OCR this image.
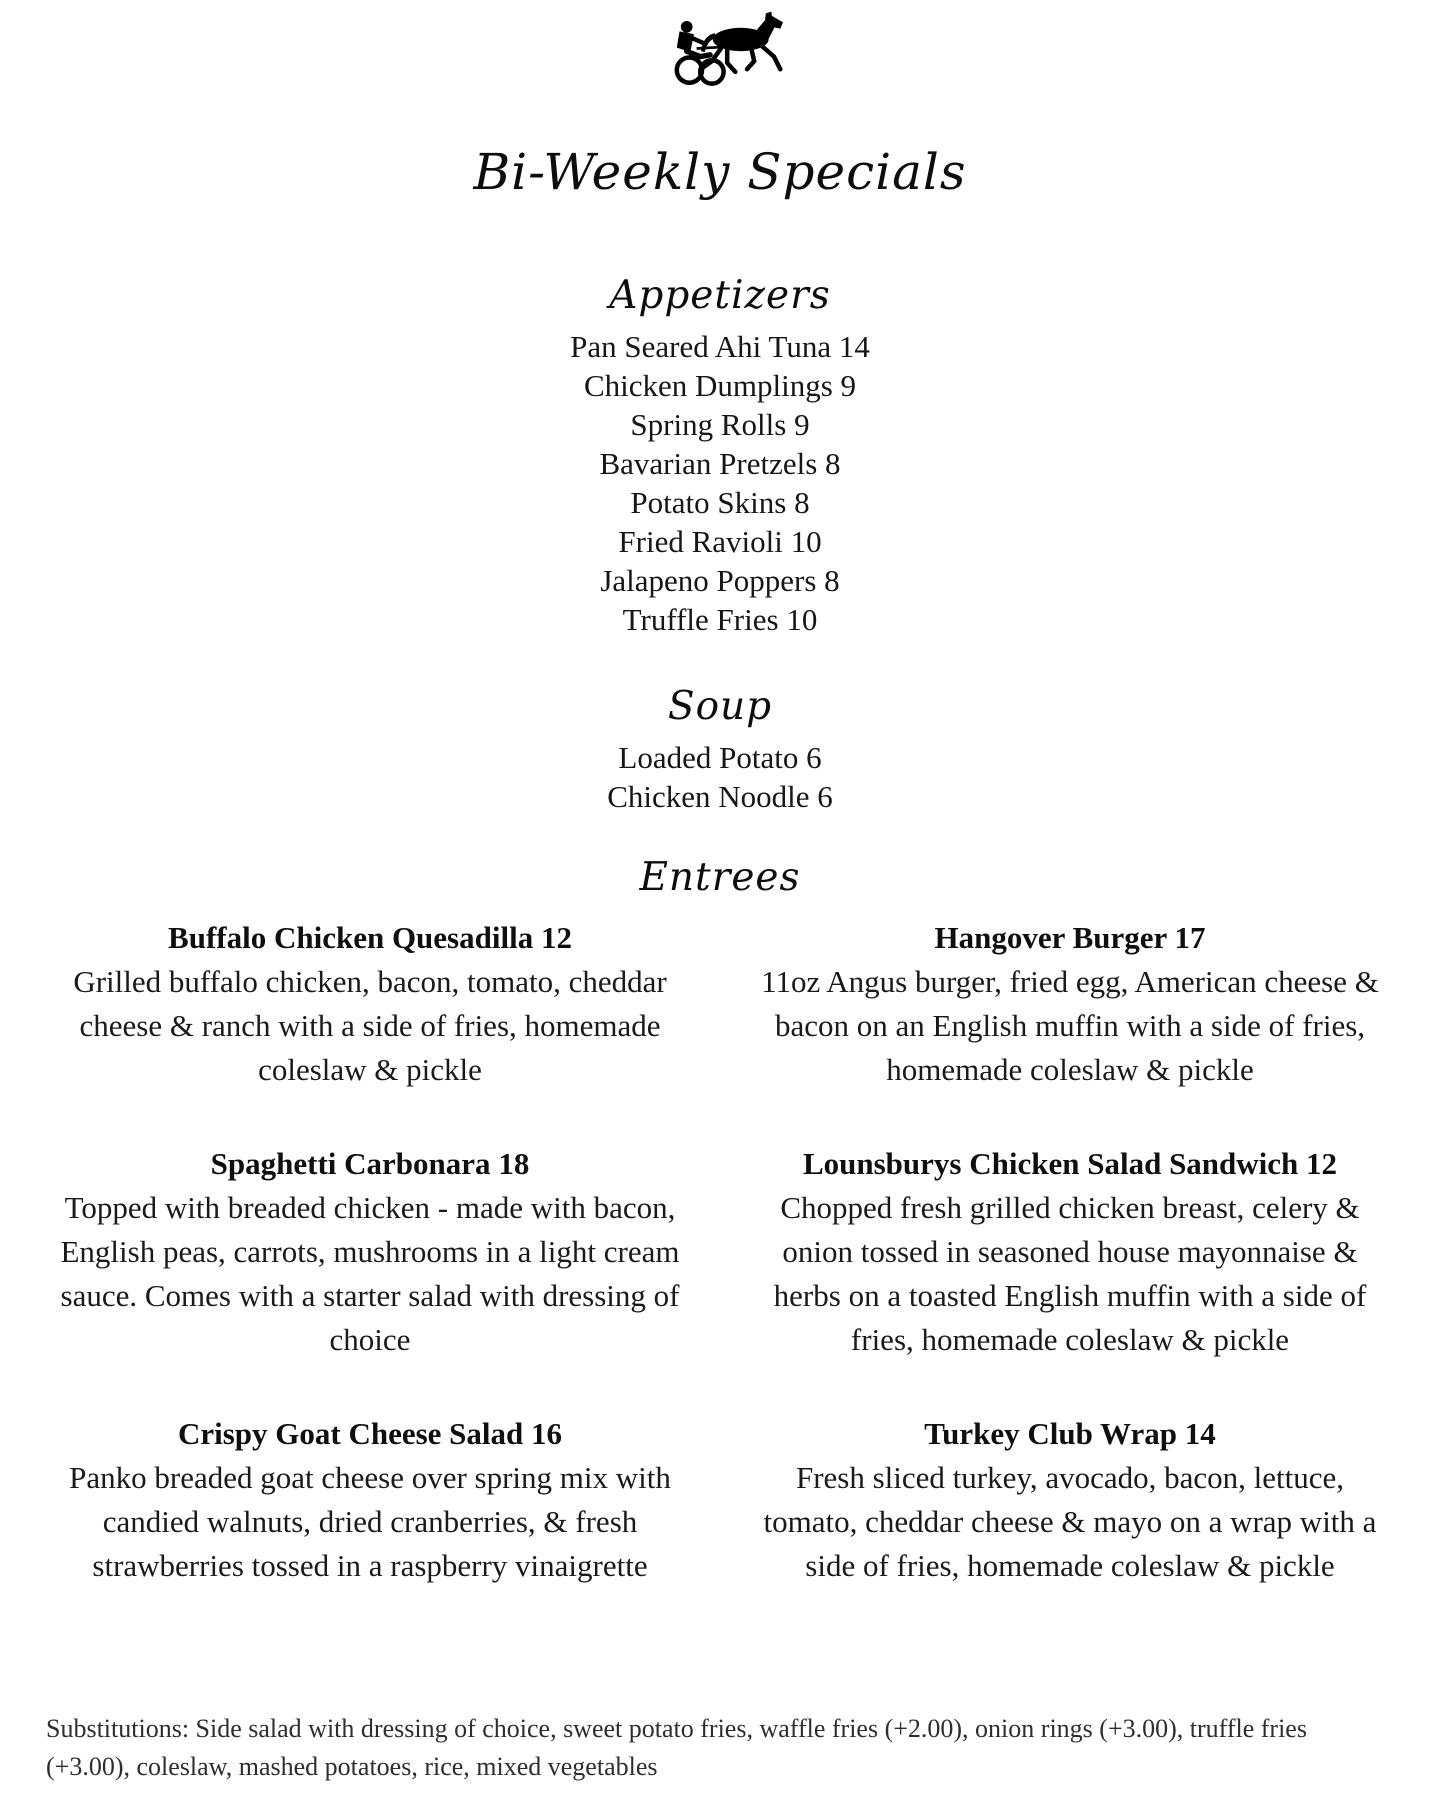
Bi-Weekly Specials
Appetizers
Pan Seared Ahi Tuna 14
Chicken Dumplings 9
Spring Rolls 9
Bavarian Pretzels 8
Potato Skins 8
Fried Ravioli 10
Jalapeno Poppers 8
Truffle Fries 10
Soup
Loaded Potato 6
Chicken Noodle 6
Entrees
Buffalo Chicken Quesadilla 12
Grilled buffalo chicken, bacon, tomato, cheddar cheese & ranch with a side of fries, homemade coleslaw & pickle
Spaghetti Carbonara 18
Topped with breaded chicken - made with bacon, English peas, carrots, mushrooms in a light cream sauce. Comes with a starter salad with dressing of choice
Crispy Goat Cheese Salad 16
Panko breaded goat cheese over spring mix with candied walnuts, dried cranberries, & fresh strawberries tossed in a raspberry vinaigrette
Hangover Burger 17
11oz Angus burger, fried egg, American cheese & bacon on an English muffin with a side of fries, homemade coleslaw & pickle
Lounsburys Chicken Salad Sandwich 12
Chopped fresh grilled chicken breast, celery & onion tossed in seasoned house mayonnaise & herbs on a toasted English muffin with a side of fries, homemade coleslaw & pickle
Turkey Club Wrap 14
Fresh sliced turkey, avocado, bacon, lettuce, tomato, cheddar cheese & mayo on a wrap with a side of fries, homemade coleslaw & pickle
Substitutions: Side salad with dressing of choice, sweet potato fries, waffle fries (+2.00), onion rings (+3.00), truffle fries (+3.00), coleslaw, mashed potatoes, rice, mixed vegetables
